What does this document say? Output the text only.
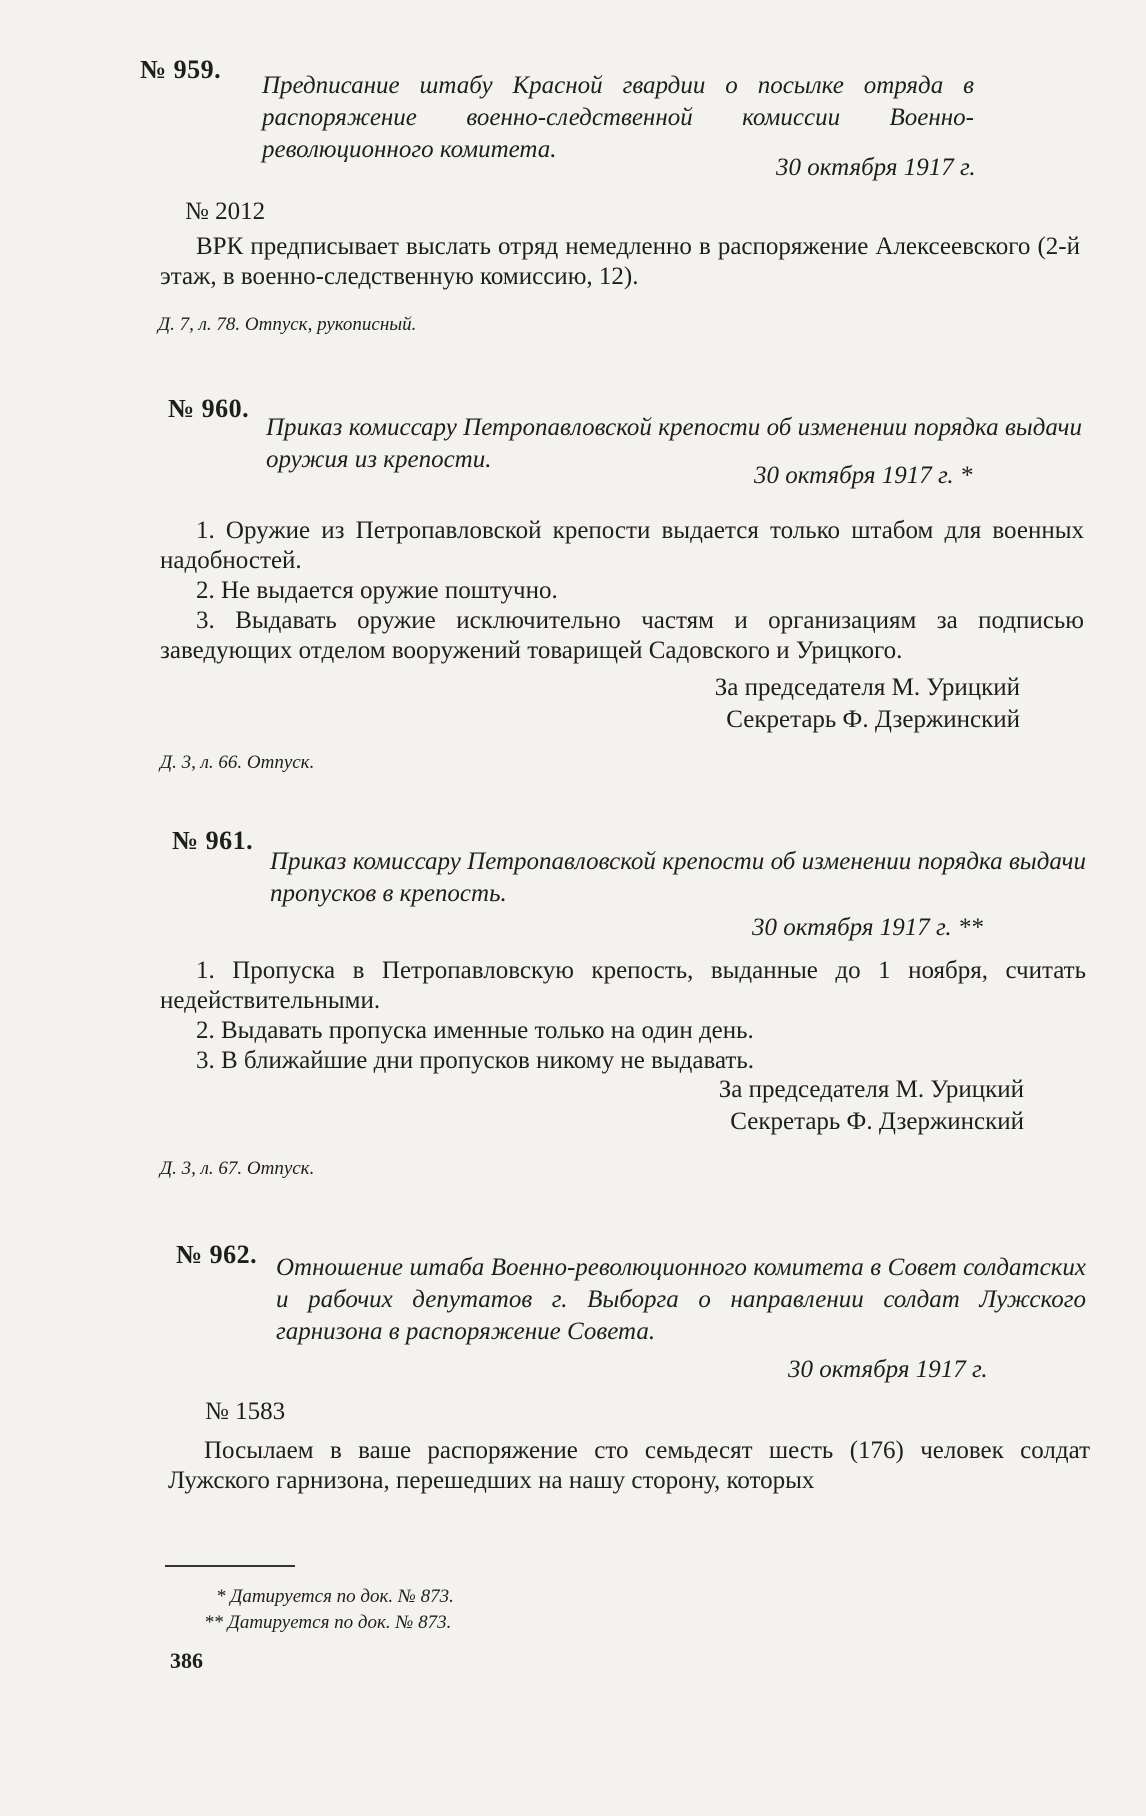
№ 959.
Предписание штабу Красной гвардии о посылке отряда в распоряжение военно-следственной комиссии Военно-революционного комитета.
30 октября 1917 г.
№ 2012
ВРК предписывает выслать отряд немедленно в распоряжение Алексеевского (2-й этаж, в военно-следственную комиссию, 12).
Д. 7, л. 78. Отпуск, рукописный.
№ 960.
Приказ комиссару Петропавловской крепости об изменении порядка выдачи оружия из крепости.
30 октября 1917 г. *
1. Оружие из Петропавловской крепости выдается только штабом для военных надобностей.
2. Не выдается оружие поштучно.
3. Выдавать оружие исключительно частям и организациям за подписью заведующих отделом вооружений товарищей Садовского и Урицкого.
За председателя М. Урицкий
Секретарь Ф. Дзержинский
Д. 3, л. 66. Отпуск.
№ 961.
Приказ комиссару Петропавловской крепости об изменении порядка выдачи пропусков в крепость.
30 октября 1917 г. **
1. Пропуска в Петропавловскую крепость, выданные до 1 ноября, считать недействительными.
2. Выдавать пропуска именные только на один день.
3. В ближайшие дни пропусков никому не выдавать.
За председателя М. Урицкий
Секретарь Ф. Дзержинский
Д. 3, л. 67. Отпуск.
№ 962. Отношение штаба Военно-революционного комитета в Совет солдатских и рабочих депутатов г. Выборга о направлении солдат Лужского гарнизона в распоряжение Совета.
30 октября 1917 г.
№ 1583
Посылаем в ваше распоряжение сто семьдесят шесть (176) человек солдат Лужского гарнизона, перешедших на нашу сторону, которых
* Датируется по док. № 873.
** Датируется по док. № 873.
386
